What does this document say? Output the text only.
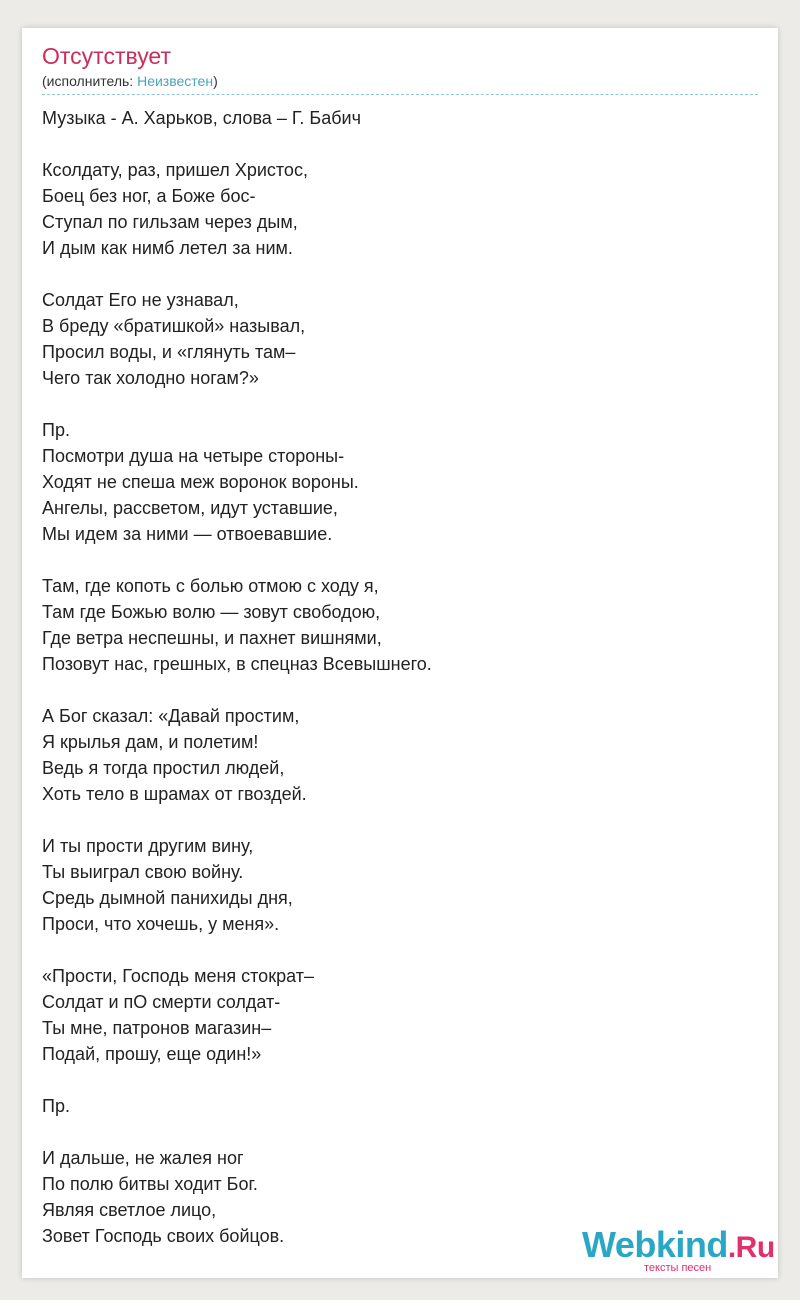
Отсутствует
(исполнитель: Неизвестен)
Музыка - А. Харьков, слова – Г. Бабич
Ксолдату, раз, пришел Христос,
Боец без ног, а Боже бос-
Ступал по гильзам через дым,
И дым как нимб летел за ним.
Солдат Его не узнавал,
В бреду «братишкой» называл,
Просил воды, и «глянуть там–
Чего так холодно ногам?»
Пр.
Посмотри душа на четыре стороны-
Ходят не спеша меж воронок вороны.
Ангелы, рассветом, идут уставшие,
Мы идем за ними — отвоевавшие.
Там, где копоть с болью отмою с ходу я,
Там где Божью волю — зовут свободою,
Где ветра неспешны, и пахнет вишнями,
Позовут нас, грешных, в спецназ Всевышнего.
А Бог сказал: «Давай простим,
Я крылья дам, и полетим!
Ведь я тогда простил людей,
Хоть тело в шрамах от гвоздей.
И ты прости другим вину,
Ты выиграл свою войну.
Средь дымной панихиды дня,
Проси, что хочешь, у меня».
«Прости, Господь меня стократ–
Солдат и пО смерти солдат-
Ты мне, патронов магазин–
Подай, прошу, еще один!»
Пр.
И дальше, не жалея ног
По полю битвы ходит Бог.
Являя светлое лицо,
Зовет Господь своих бойцов.	Webkind.Ru
тексты песен
